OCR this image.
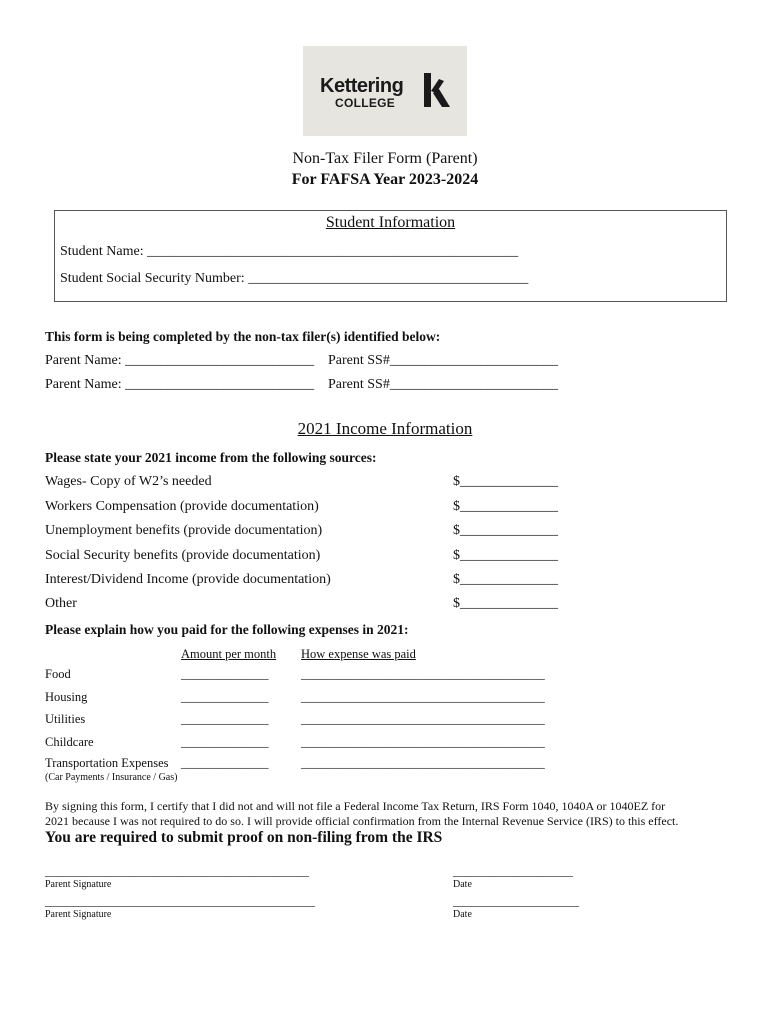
Kettering
COLLEGE
Non-Tax Filer Form (Parent)
For FAFSA Year 2023-2024
Student Information
Student Name: _____________________________________________________
Student Social Security Number: ________________________________________
This form is being completed by the non-tax filer(s) identified below:
Parent Name: ___________________________ Parent SS#________________________
Parent Name: ___________________________ Parent SS#________________________
2021 Income Information
Please state your 2021 income from the following sources:
Wages- Copy of W2’s needed	$______________
Workers Compensation (provide documentation)	$______________
Unemployment benefits (provide documentation)	$______________
Social Security benefits (provide documentation)	$______________
Interest/Dividend Income (provide documentation)	$______________
Other	$______________
Please explain how you paid for the following expenses in 2021:
Amount per month How expense was paid
Food	______________	_______________________________________
Housing	______________	_______________________________________
Utilities	______________	_______________________________________
Childcare	______________	_______________________________________
Transportation Expenses ______________	_______________________________________
(Car Payments / Insurance / Gas)
By signing this form, I certify that I did not and will not file a Federal Income Tax Return, IRS Form 1040, 1040A or 1040EZ for
2021 because I was not required to do so. I will provide official confirmation from the Internal Revenue Service (IRS) to this effect.
You are required to submit proof on non-filing from the IRS
____________________________________________
Parent Signature
____________________
Date
_____________________________________________
Parent Signature
_____________________
Date
